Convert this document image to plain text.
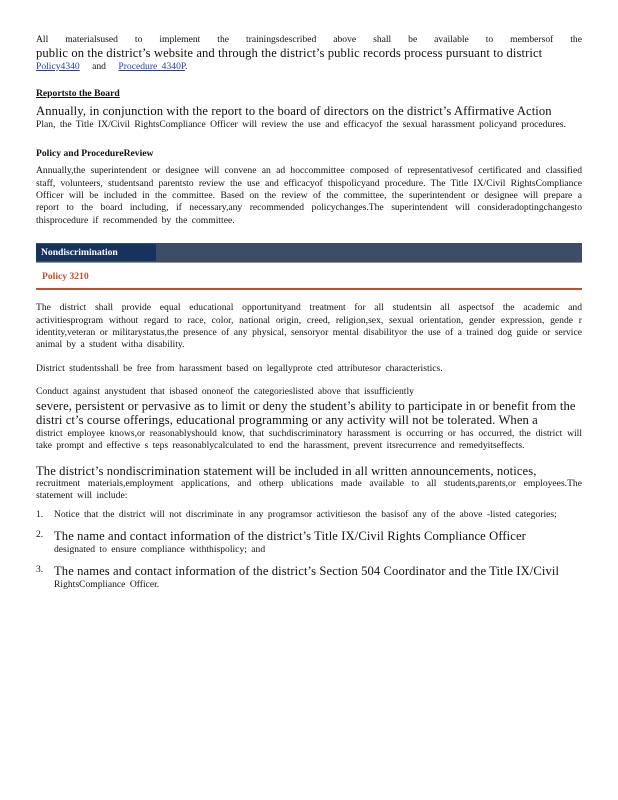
All materialsused to implement the trainingsdescribed above shall be available to membersof the

public on the district’s website and through the district’s public records process pursuant to district

Policy4340 and Procedure 4340P.

Reportsto the Board

Annually, in conjunction with the report to the board of directors on the district’s Affirmative Action

Plan, the Title IX/Civil RightsCompliance Officer will review the use and efficacyof the sexual harassment policyand procedures.

Policy and ProcedureReview

Annually,the superintendent or designee will convene an ad hoccommittee composed of representativesof certificated and classified staff, volunteers, studentsand parentsto review the use and efficacyof thispolicyand procedure. The Title IX/Civil RightsCompliance Officer will be included in the committee. Based on the review of the committee, the superintendent or designee will prepare a report to the board including, if necessary,any recommended policychanges.The superintendent will consideradoptingchangesto thisprocedure if recommended by the committee.

Nondiscrimination

Policy 3210

The district shall provide equal educational opportunityand treatment for all studentsin all aspectsof the academic and activitiesprogram without regard to race, color, national origin, creed, religion,sex, sexual orientation, gender expression, gende r identity,veteran or militarystatus,the presence of any physical, sensoryor mental disabilityor the use of a trained dog guide or service animal by a student witha disability.

District studentsshall be free from harassment based on legallyprote cted attributesor characteristics.

Conduct against anystudent that isbased ononeof the categorieslisted above that issufficiently

severe, persistent or pervasive as to limit or deny the student’s ability to participate in or benefit from the distri ct’s course offerings, educational programming or any activity will not be tolerated. When a

district employee knows,or reasonablyshould know, that suchdiscriminatory harassment is occurring or has occurred, the district will take prompt and effective s teps reasonablycalculated to end the harassment, prevent itsrecurrence and remedyitseffects.

The district’s nondiscrimination statement will be included in all written announcements, notices,

recruitment materials,employment applications, and otherp ublications made available to all students,parents,or employees.The statement will include:

1. Notice that the district will not discriminate in any programsor activitieson the basisof any of the above -listed categories;

2. The name and contact information of the district’s Title IX/Civil Rights Compliance Officer

designated to ensure compliance withthispolicy; and

3. The names and contact information of the district’s Section 504 Coordinator and the Title IX/Civil

RightsCompliance Officer.
